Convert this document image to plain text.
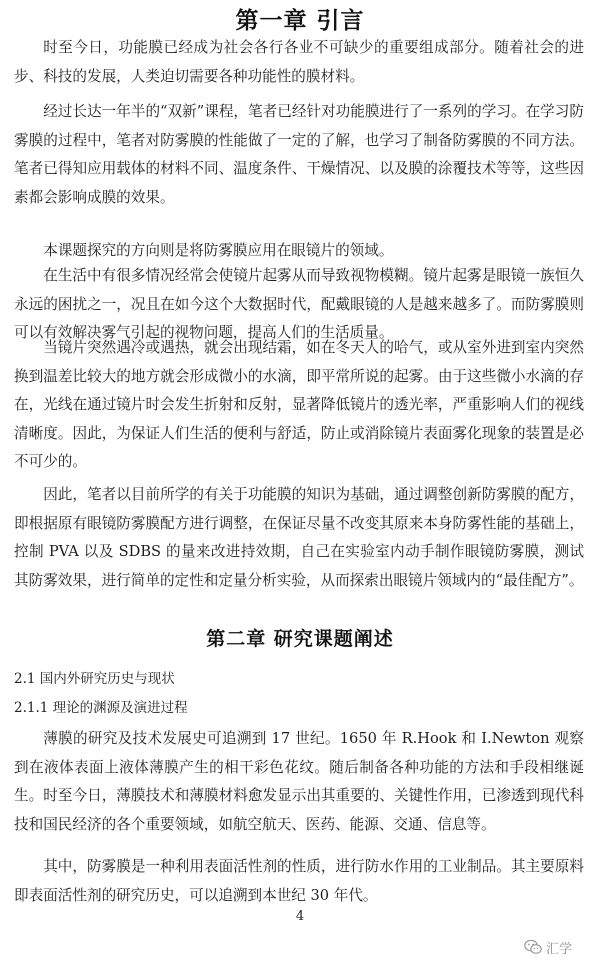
第一章 引言

时至今日，功能膜已经成为社会各行各业不可缺少的重要组成部分。随着社会的进步、科技的发展，人类迫切需要各种功能性的膜材料。

经过长达一年半的“双新”课程，笔者已经针对功能膜进行了一系列的学习。在学习防雾膜的过程中，笔者对防雾膜的性能做了一定的了解，也学习了制备防雾膜的不同方法。笔者已得知应用载体的材料不同、温度条件、干燥情况、以及膜的涂覆技术等等，这些因素都会影响成膜的效果。

本课题探究的方向则是将防雾膜应用在眼镜片的领域。

在生活中有很多情况经常会使镜片起雾从而导致视物模糊。镜片起雾是眼镜一族恒久永远的困扰之一，况且在如今这个大数据时代，配戴眼镜的人是越来越多了。而防雾膜则可以有效解决雾气引起的视物问题，提高人们的生活质量。

当镜片突然遇冷或遇热，就会出现结霜，如在冬天人的哈气，或从室外进到室内突然换到温差比较大的地方就会形成微小的水滴，即平常所说的起雾。由于这些微小水滴的存在，光线在通过镜片时会发生折射和反射，显著降低镜片的透光率，严重影响人们的视线清晰度。因此，为保证人们生活的便利与舒适，防止或消除镜片表面雾化现象的装置是必不可少的。

因此，笔者以目前所学的有关于功能膜的知识为基础，通过调整创新防雾膜的配方，即根据原有眼镜防雾膜配方进行调整，在保证尽量不改变其原来本身防雾性能的基础上，控制 PVA 以及 SDBS 的量来改进持效期，自己在实验室内动手制作眼镜防雾膜，测试其防雾效果，进行简单的定性和定量分析实验，从而探索出眼镜片领域内的“最佳配方”。

第二章 研究课题阐述

2.1 国内外研究历史与现状

2.1.1 理论的渊源及演进过程

薄膜的研究及技术发展史可追溯到 17 世纪。1650 年 R.Hook 和 I.Newton 观察到在液体表面上液体薄膜产生的相干彩色花纹。随后制备各种功能的方法和手段相继诞生。时至今日，薄膜技术和薄膜材料愈发显示出其重要的、关键性作用，已渗透到现代科技和国民经济的各个重要领域，如航空航天、医药、能源、交通、信息等。

其中，防雾膜是一种利用表面活性剂的性质，进行防水作用的工业制品。其主要原料即表面活性剂的研究历史，可以追溯到本世纪 30 年代。

4

汇学
